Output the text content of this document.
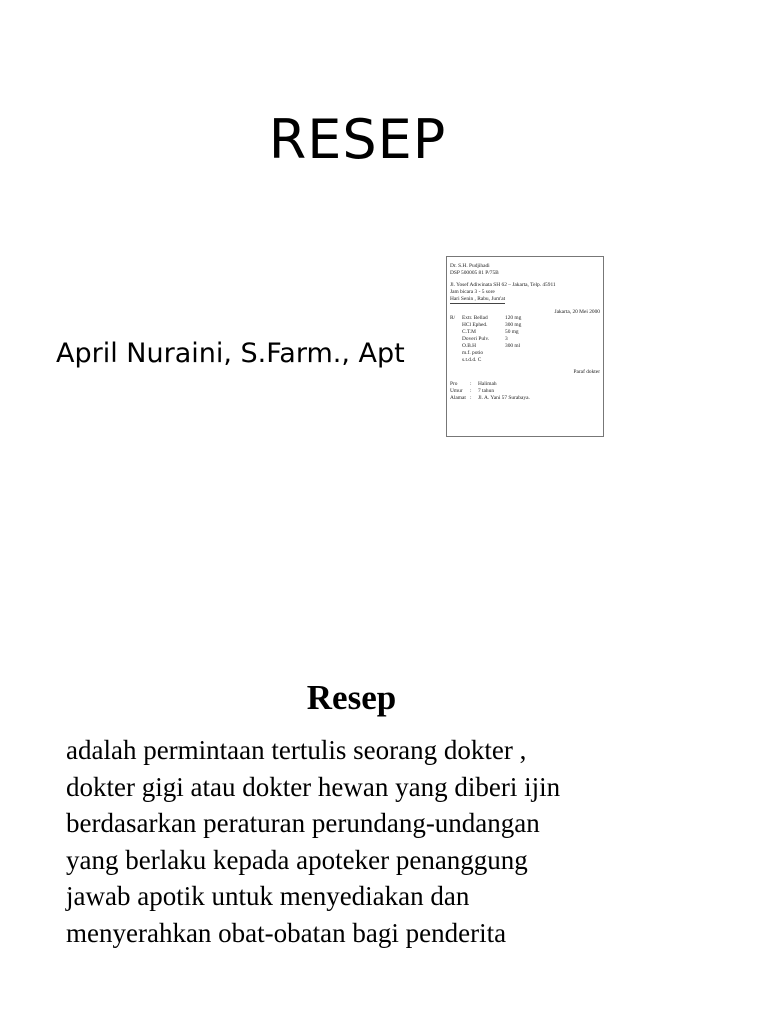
RESEP
April Nuraini, S.Farm., Apt
Dr. S.H. Pudjihadi
DSP 500005 81 P/75B
Jl. Yosef Adiwinata SH 62 – Jakarta, Telp. 45911
Jam bicara 3 - 5 sore
Hari Senin , Rabu, Jum'at
Jakarta, 20 Mei 2000
R/	Extr. Bellad	120 mg
HCl Ephed.	300 mg
C.T.M	50 mg
Doveri Pulv.	3
O.B.H	300 ml
m.f. potio
s.t.d.d. C
Paraf dokter
Pro	:	Halimah
Umur	:	7 tahun
Alamat :	Jl. A. Yani 57 Surabaya.
Resep

adalah permintaan tertulis seorang dokter ,
dokter gigi atau dokter hewan yang diberi ijin
berdasarkan peraturan perundang-undangan
yang berlaku kepada apoteker penanggung
jawab apotik untuk menyediakan dan
menyerahkan obat-obatan bagi penderita
